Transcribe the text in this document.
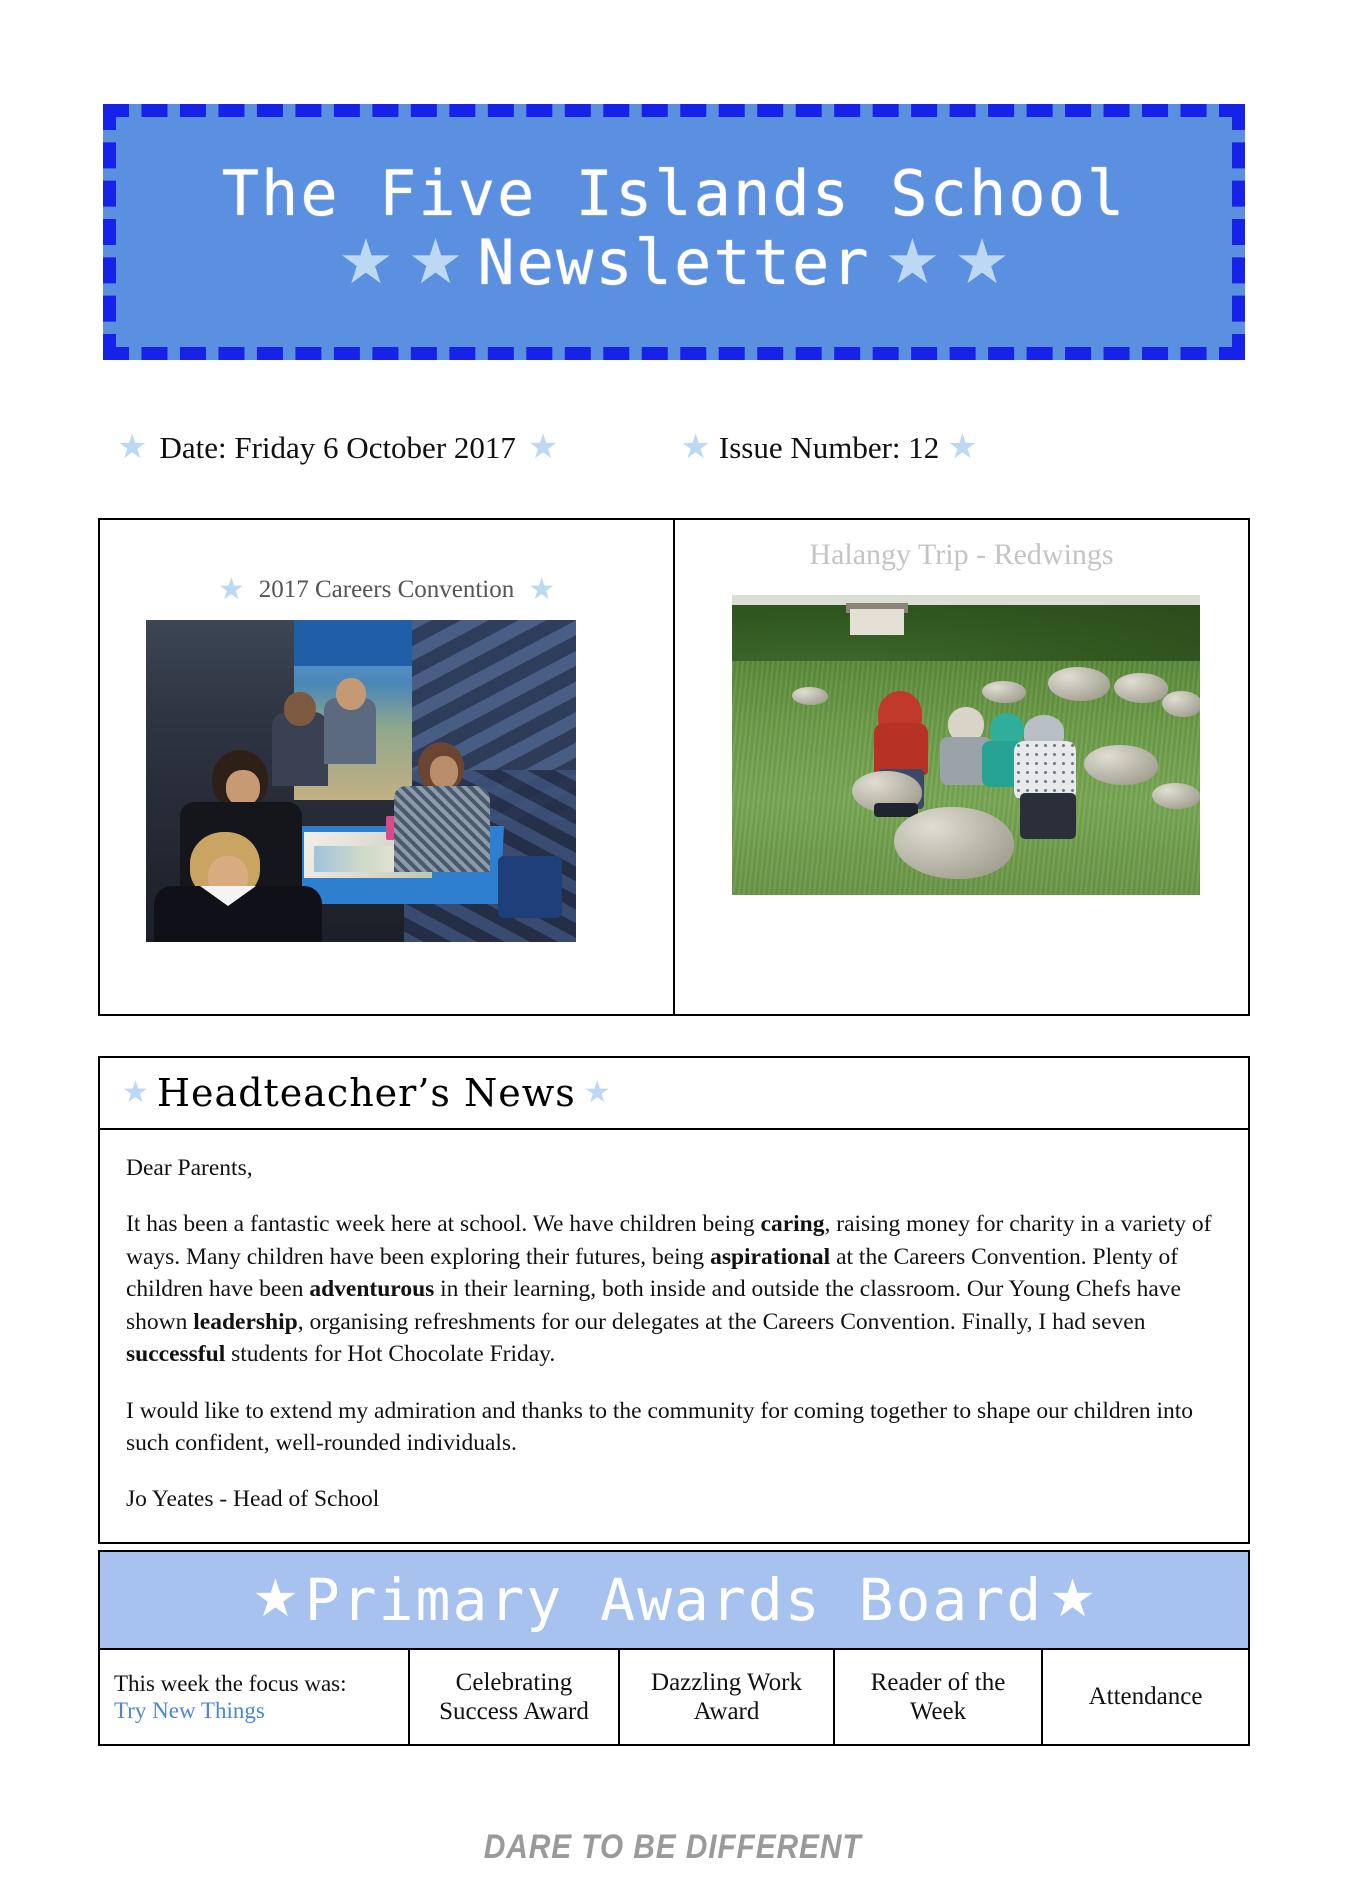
The Five Islands School
★ ★ Newsletter ★ ★
★ Date: Friday 6 October 2017 ★	★ Issue Number: 12 ★
★ 2017 Careers Convention ★
Halangy Trip - Redwings
★ Headteacher’s News ★

Dear Parents,

It has been a fantastic week here at school. We have children being caring, raising money for charity in a variety of ways. Many children have been exploring their futures, being aspirational at the Careers Convention. Plenty of children have been adventurous in their learning, both inside and outside the classroom. Our Young Chefs have shown leadership, organising refreshments for our delegates at the Careers Convention. Finally, I had seven successful students for Hot Chocolate Friday.

I would like to extend my admiration and thanks to the community for coming together to shape our children into such confident, well-rounded individuals.

Jo Yeates - Head of School

★ Primary Awards Board ★
This week the focus was:
Try New Things
Celebrating Success Award
Dazzling Work Award
Reader of the Week
Attendance
DARE TO BE DIFFERENT
